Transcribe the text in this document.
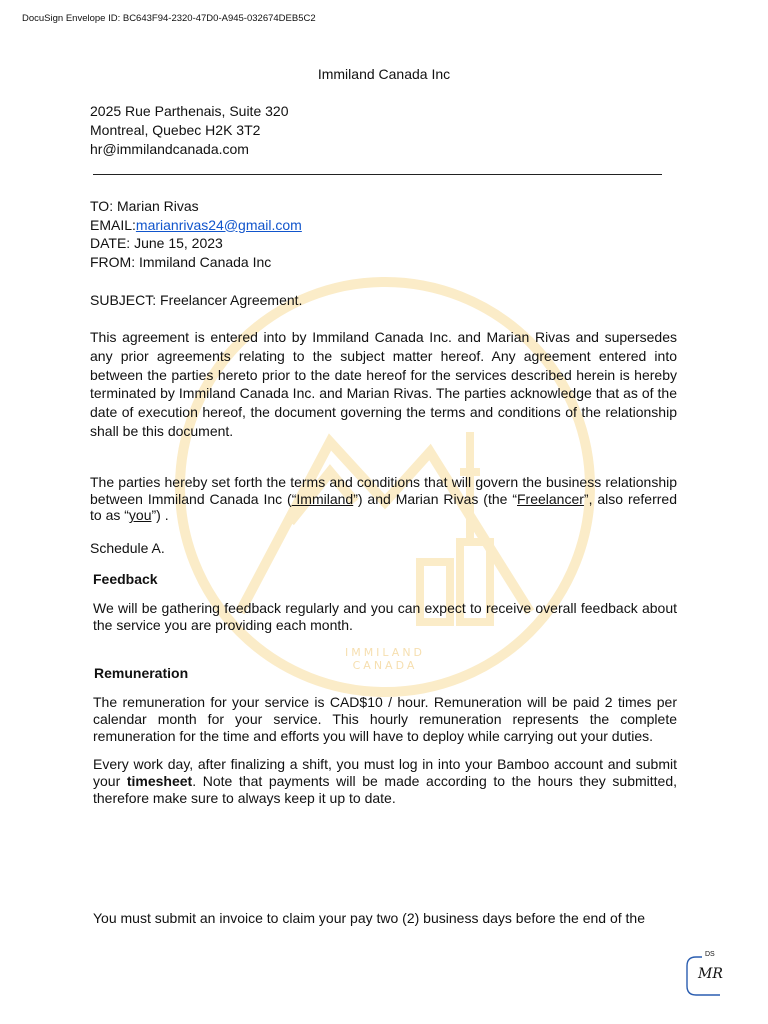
DocuSign Envelope ID: BC643F94-2320-47D0-A945-032674DEB5C2
IMMILAND
CANADA
Immiland Canada Inc
2025 Rue Parthenais, Suite 320
Montreal, Quebec H2K 3T2
hr@immilandcanada.com
TO: Marian Rivas
EMAIL:marianrivas24@gmail.com
DATE: June 15, 2023
FROM: Immiland Canada Inc
SUBJECT: Freelancer Agreement.
This agreement is entered into by Immiland Canada Inc. and Marian Rivas and supersedes any prior agreements relating to the subject matter hereof. Any agreement entered into between the parties hereto prior to the date hereof for the services described herein is hereby terminated by Immiland Canada Inc. and Marian Rivas. The parties acknowledge that as of the date of execution hereof, the document governing the terms and conditions of the relationship shall be this document.
The parties hereby set forth the terms and conditions that will govern the business relationship between Immiland Canada Inc (“Immiland”) and Marian Rivas (the “Freelancer”, also referred to as “you”) .
Schedule A.
Feedback
We will be gathering feedback regularly and you can expect to receive overall feedback about the service you are providing each month.
Remuneration
The remuneration for your service is CAD$10 / hour. Remuneration will be paid 2 times per calendar month for your service. This hourly remuneration represents the complete remuneration for the time and efforts you will have to deploy while carrying out your duties.
Every work day, after finalizing a shift, you must log in into your Bamboo account and submit your timesheet. Note that payments will be made according to the hours they submitted, therefore make sure to always keep it up to date.
You must submit an invoice to claim your pay two (2) business days before the end of the
DS
MR
